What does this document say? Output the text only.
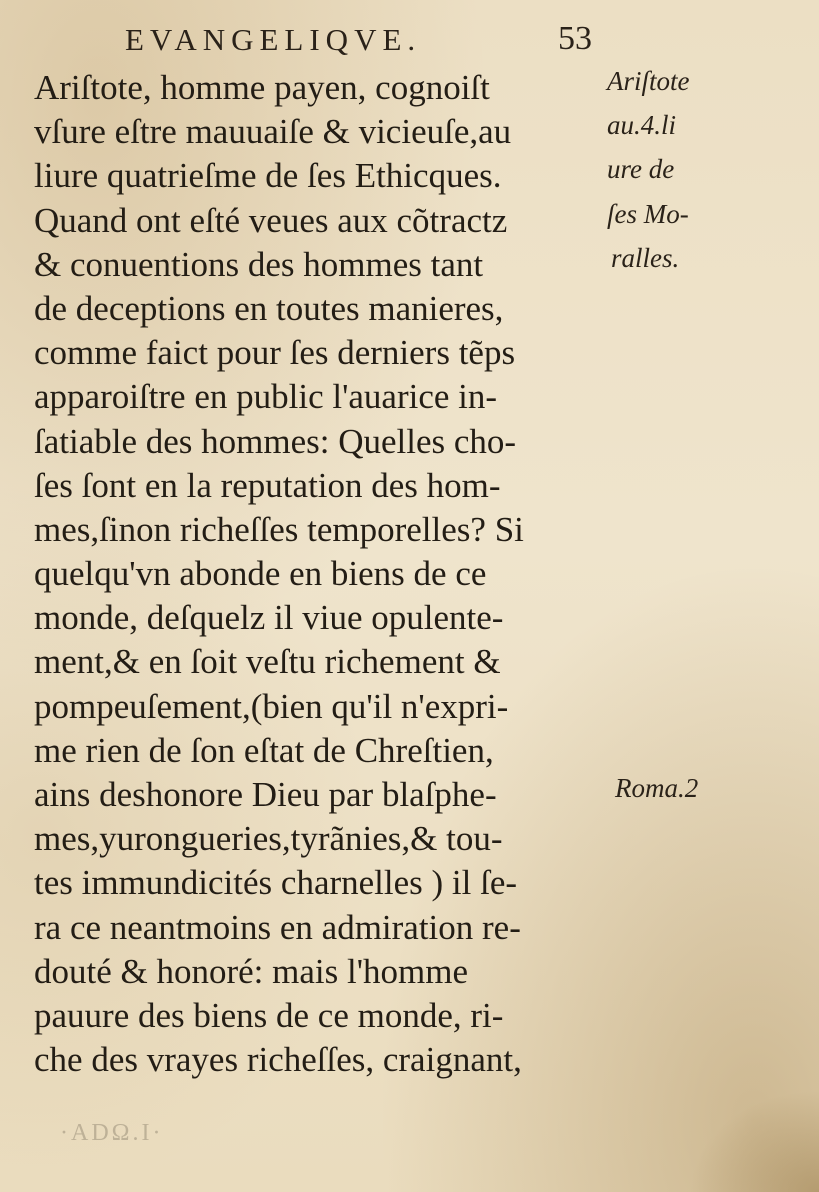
EVANGELIQVE.	53
Ariſtote, homme payen, cognoiſt
vſure eſtre mauuaiſe & vicieuſe,au
liure quatrieſme de ſes Ethicques.
Quand ont eſté veues aux cõtractz
& conuentions des hommes tant
de deceptions en toutes manieres,
comme faict pour ſes derniers tẽps
apparoiſtre en public l'auarice in-
ſatiable des hommes: Quelles cho-
ſes ſont en la reputation des hom-
mes,ſinon richeſſes temporelles? Si
quelqu'vn abonde en biens de ce
monde, deſquelz il viue opulente-
ment,& en ſoit veſtu richement &
pompeuſement,(bien qu'il n'expri-
me rien de ſon eſtat de Chreſtien,
ains deshonore Dieu par blaſphe-
mes,yurongueries,tyrãnies,& tou-
tes immundicités charnelles ) il ſe-
ra ce neantmoins en admiration re-
douté & honoré: mais l'homme
pauure des biens de ce monde, ri-
che des vrayes richeſſes, craignant,
Ariſtote
au.4.li
ure de
ſes Mo-
ralles.
Roma.2
·ADΩ.I·
